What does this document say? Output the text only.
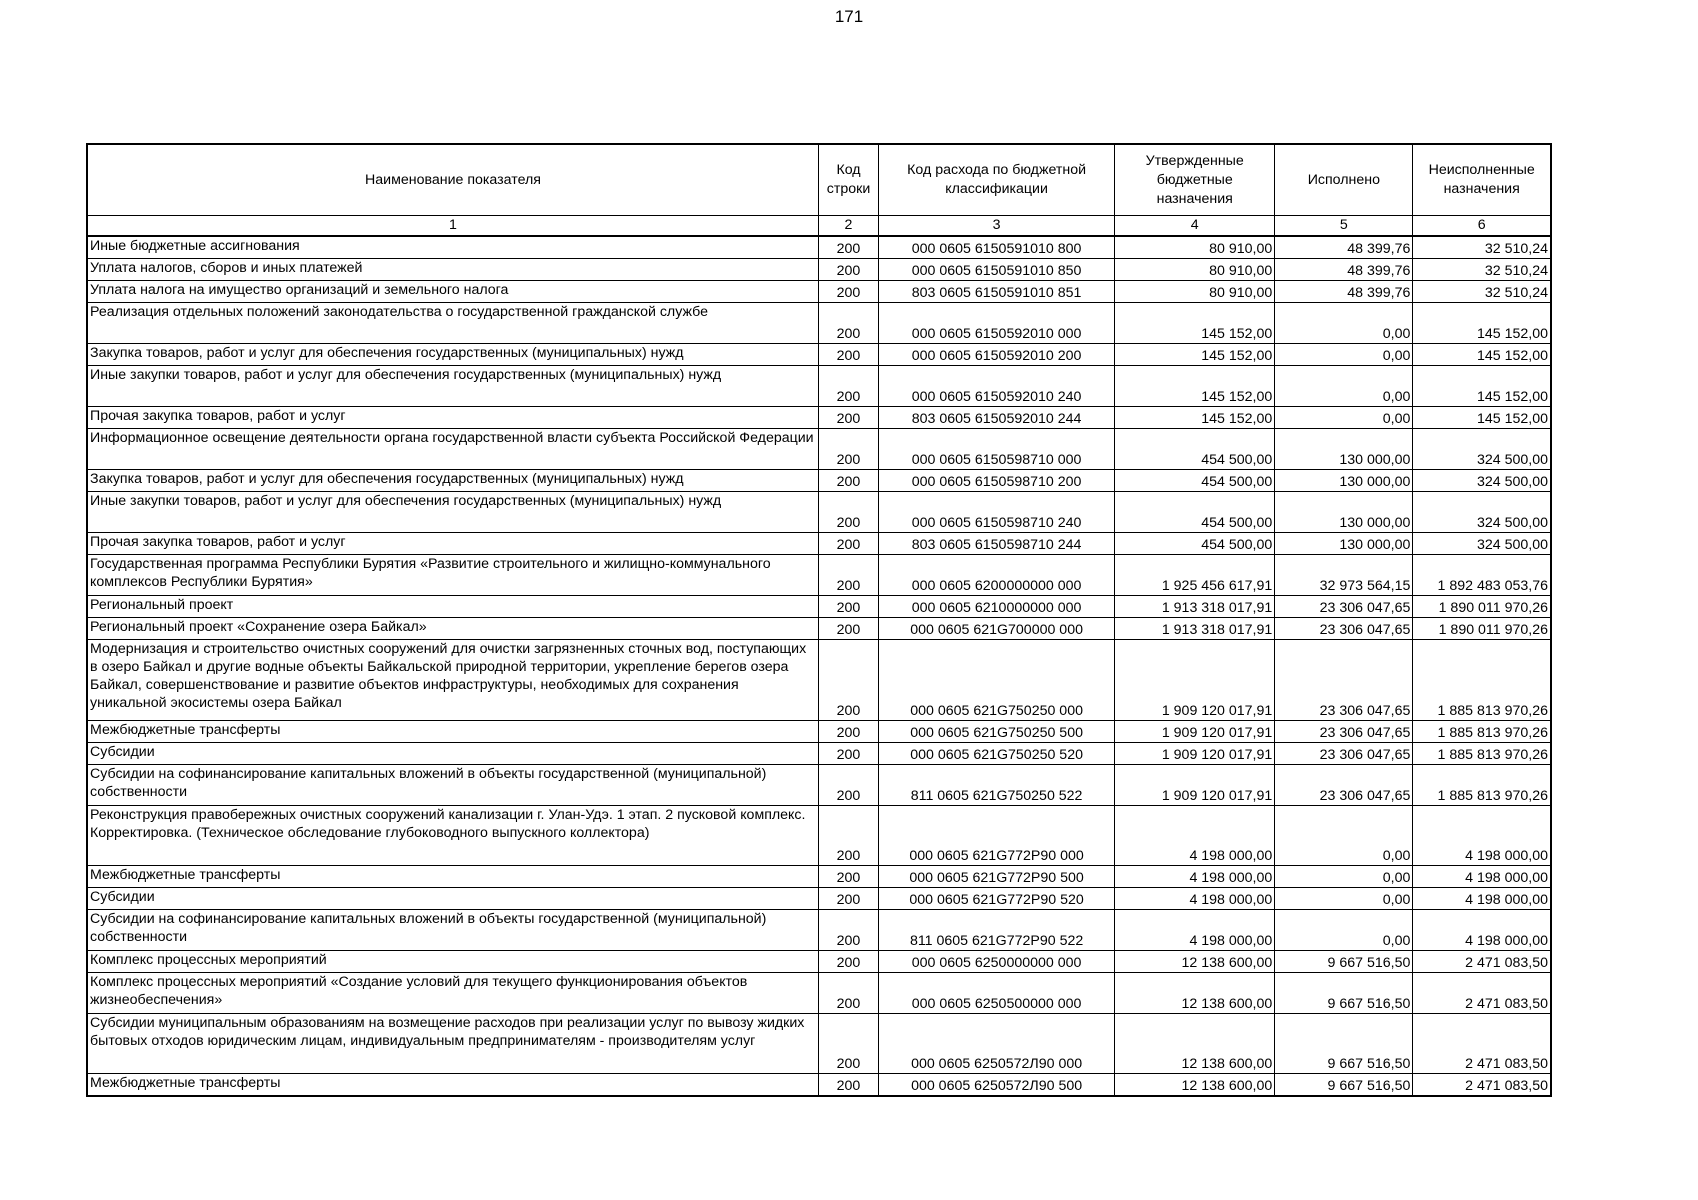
171
Наименование показателя	Код строки	Код расхода по бюджетной классификации	Утвержденные бюджетные назначения	Исполнено	Неисполненные назначения
1	2	3	4	5	6
Иные бюджетные ассигнования	200	000 0605 6150591010 800	80 910,00	48 399,76	32 510,24
Уплата налогов, сборов и иных платежей	200	000 0605 6150591010 850	80 910,00	48 399,76	32 510,24
Уплата налога на имущество организаций и земельного налога	200	803 0605 6150591010 851	80 910,00	48 399,76	32 510,24
Реализация отдельных положений законодательства о государственной гражданской службе	200	000 0605 6150592010 000	145 152,00	0,00	145 152,00
Закупка товаров, работ и услуг для обеспечения государственных (муниципальных) нужд	200	000 0605 6150592010 200	145 152,00	0,00	145 152,00
Иные закупки товаров, работ и услуг для обеспечения государственных (муниципальных) нужд	200	000 0605 6150592010 240	145 152,00	0,00	145 152,00
Прочая закупка товаров, работ и услуг	200	803 0605 6150592010 244	145 152,00	0,00	145 152,00
Информационное освещение деятельности органа государственной власти субъекта Российской Федерации	200	000 0605 6150598710 000	454 500,00	130 000,00	324 500,00
Закупка товаров, работ и услуг для обеспечения государственных (муниципальных) нужд	200	000 0605 6150598710 200	454 500,00	130 000,00	324 500,00
Иные закупки товаров, работ и услуг для обеспечения государственных (муниципальных) нужд	200	000 0605 6150598710 240	454 500,00	130 000,00	324 500,00
Прочая закупка товаров, работ и услуг	200	803 0605 6150598710 244	454 500,00	130 000,00	324 500,00
Государственная программа Республики Бурятия «Развитие строительного и жилищно-коммунального комплексов Республики Бурятия»	200	000 0605 6200000000 000	1 925 456 617,91	32 973 564,15	1 892 483 053,76
Региональный проект	200	000 0605 6210000000 000	1 913 318 017,91	23 306 047,65	1 890 011 970,26
Региональный проект «Сохранение озера Байкал»	200	000 0605 621G700000 000	1 913 318 017,91	23 306 047,65	1 890 011 970,26
Модернизация и строительство очистных сооружений для очистки загрязненных сточных вод, поступающих в озеро Байкал и другие водные объекты Байкальской природной территории, укрепление берегов озера Байкал, совершенствование и развитие объектов инфраструктуры, необходимых для сохранения уникальной экосистемы озера Байкал	200	000 0605 621G750250 000	1 909 120 017,91	23 306 047,65	1 885 813 970,26
Межбюджетные трансферты	200	000 0605 621G750250 500	1 909 120 017,91	23 306 047,65	1 885 813 970,26
Субсидии	200	000 0605 621G750250 520	1 909 120 017,91	23 306 047,65	1 885 813 970,26
Субсидии на софинансирование капитальных вложений в объекты государственной (муниципальной) собственности	200	811 0605 621G750250 522	1 909 120 017,91	23 306 047,65	1 885 813 970,26
Реконструкция правобережных очистных сооружений канализации г. Улан-Удэ. 1 этап. 2 пусковой комплекс. Корректировка. (Техническое обследование глубоководного выпускного коллектора)	200	000 0605 621G772Р90 000	4 198 000,00	0,00	4 198 000,00
Межбюджетные трансферты	200	000 0605 621G772Р90 500	4 198 000,00	0,00	4 198 000,00
Субсидии	200	000 0605 621G772Р90 520	4 198 000,00	0,00	4 198 000,00
Субсидии на софинансирование капитальных вложений в объекты государственной (муниципальной) собственности	200	811 0605 621G772Р90 522	4 198 000,00	0,00	4 198 000,00
Комплекс процессных мероприятий	200	000 0605 6250000000 000	12 138 600,00	9 667 516,50	2 471 083,50
Комплекс процессных мероприятий «Создание условий для текущего функционирования объектов жизнеобеспечения»	200	000 0605 6250500000 000	12 138 600,00	9 667 516,50	2 471 083,50
Субсидии муниципальным образованиям на возмещение расходов при реализации услуг по вывозу жидких бытовых отходов юридическим лицам, индивидуальным предпринимателям - производителям услуг	200	000 0605 6250572Л90 000	12 138 600,00	9 667 516,50	2 471 083,50
Межбюджетные трансферты	200	000 0605 6250572Л90 500	12 138 600,00	9 667 516,50	2 471 083,50
